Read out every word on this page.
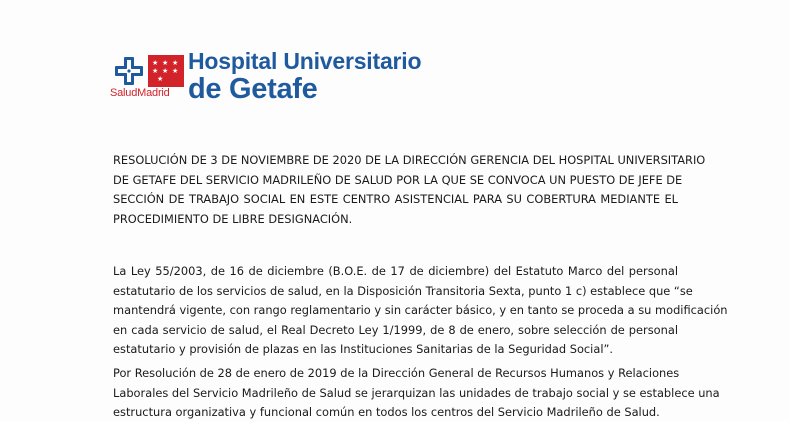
★ ★ ★
★ ★ ★
★
SaludMadrid
Hospital Universitario
de Getafe
RESOLUCIÓN DE 3 DE NOVIEMBRE DE 2020 DE LA DIRECCIÓN GERENCIA DEL HOSPITAL UNIVERSITARIO
DE GETAFE DEL SERVICIO MADRILEÑO DE SALUD POR LA QUE SE CONVOCA UN PUESTO DE JEFE DE
SECCIÓN DE TRABAJO SOCIAL EN ESTE CENTRO ASISTENCIAL PARA SU COBERTURA MEDIANTE EL
PROCEDIMIENTO DE LIBRE DESIGNACIÓN.
La Ley 55/2003, de 16 de diciembre (B.O.E. de 17 de diciembre) del Estatuto Marco del personal
estatutario de los servicios de salud, en la Disposición Transitoria Sexta, punto 1 c) establece que “se
mantendrá vigente, con rango reglamentario y sin carácter básico, y en tanto se proceda a su modificación
en cada servicio de salud, el Real Decreto Ley 1/1999, de 8 de enero, sobre selección de personal
estatutario y provisión de plazas en las Instituciones Sanitarias de la Seguridad Social”.
Por Resolución de 28 de enero de 2019 de la Dirección General de Recursos Humanos y Relaciones
Laborales del Servicio Madrileño de Salud se jerarquizan las unidades de trabajo social y se establece una
estructura organizativa y funcional común en todos los centros del Servicio Madrileño de Salud.
